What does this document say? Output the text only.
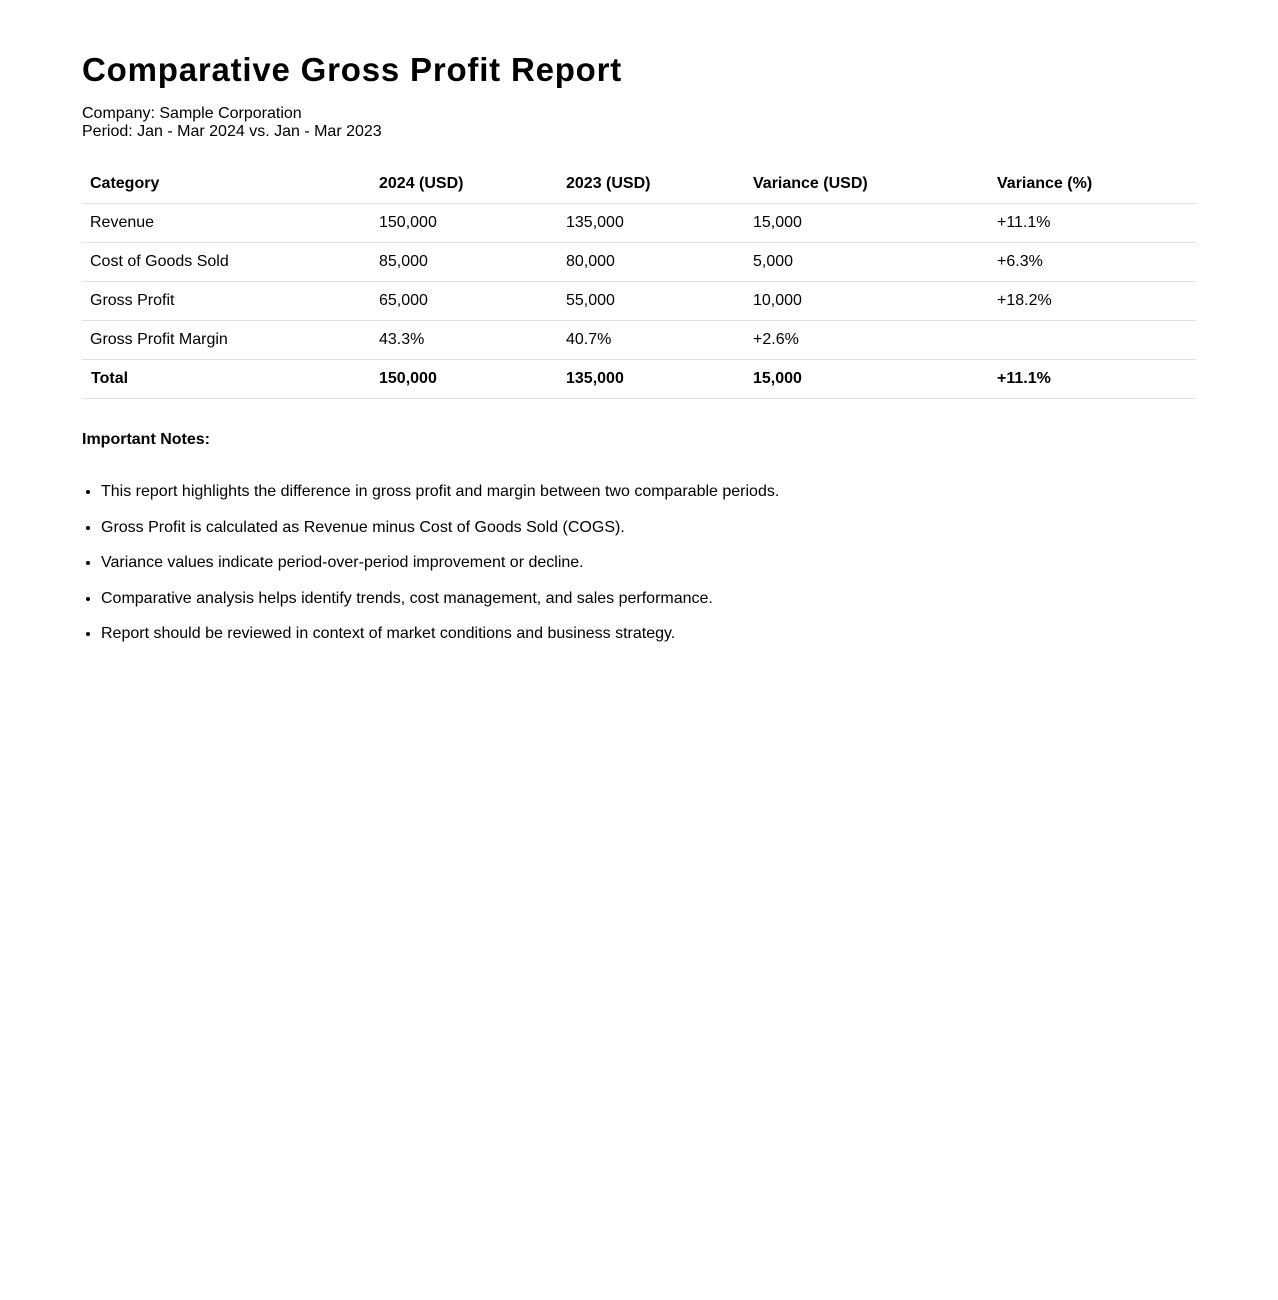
Comparative Gross Profit Report
Company: Sample Corporation
Period: Jan - Mar 2024 vs. Jan - Mar 2023
Category	2024 (USD)	2023 (USD)	Variance (USD)	Variance (%)
Revenue	150,000	135,000	15,000	+11.1%
Cost of Goods Sold	85,000	80,000	5,000	+6.3%
Gross Profit	65,000	55,000	10,000	+18.2%
Gross Profit Margin	43.3%	40.7%	+2.6%	
Total	150,000	135,000	15,000	+11.1%
Important Notes:
• This report highlights the difference in gross profit and margin between two comparable periods.
• Gross Profit is calculated as Revenue minus Cost of Goods Sold (COGS).
• Variance values indicate period-over-period improvement or decline.
• Comparative analysis helps identify trends, cost management, and sales performance.
• Report should be reviewed in context of market conditions and business strategy.
